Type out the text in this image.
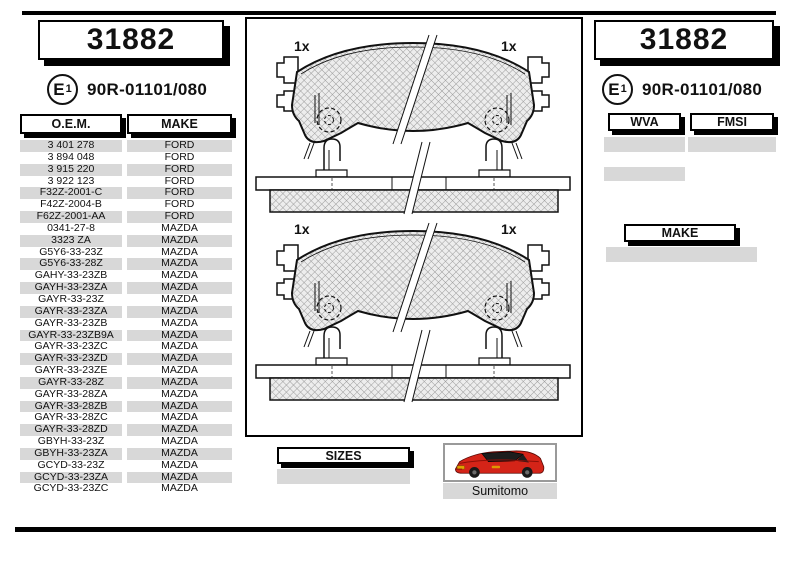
31882
E 1 90R-01101/080
O.E.M.	MAKE
3 401 278	FORD
3 894 048	FORD
3 915 220	FORD
3 922 123	FORD
F32Z-2001-C	FORD
F42Z-2004-B	FORD
F62Z-2001-AA	FORD
0341-27-8	MAZDA
3323 ZA	MAZDA
G5Y6-33-23Z	MAZDA
G5Y6-33-28Z	MAZDA
GAHY-33-23ZB	MAZDA
GAYH-33-23ZA	MAZDA
GAYR-33-23Z	MAZDA
GAYR-33-23ZA	MAZDA
GAYR-33-23ZB	MAZDA
GAYR-33-23ZB9A	MAZDA
GAYR-33-23ZC	MAZDA
GAYR-33-23ZD	MAZDA
GAYR-33-23ZE	MAZDA
GAYR-33-28Z	MAZDA
GAYR-33-28ZA	MAZDA
GAYR-33-28ZB	MAZDA
GAYR-33-28ZC	MAZDA
GAYR-33-28ZD	MAZDA
GBYH-33-23Z	MAZDA
GBYH-33-23ZA	MAZDA
GCYD-33-23Z	MAZDA
GCYD-33-23ZA	MAZDA
GCYD-33-23ZC	MAZDA
1x	1x
1x	1x
SIZES
Sumitomo
31882
E 1 90R-01101/080
WVA	FMSI
MAKE
